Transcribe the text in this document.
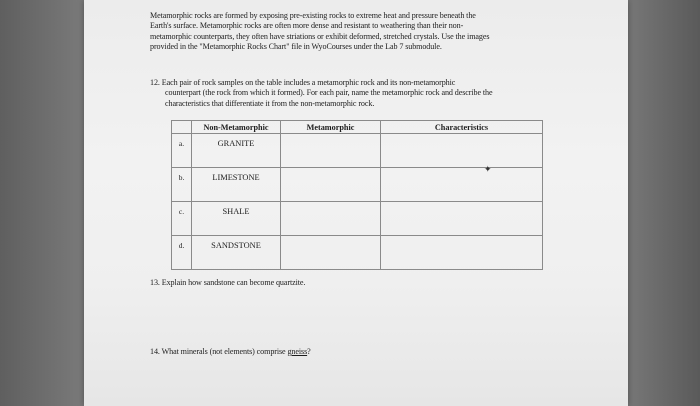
Metamorphic rocks are formed by exposing pre-existing rocks to extreme heat and pressure beneath the
Earth's surface. Metamorphic rocks are often more dense and resistant to weathering than their non-
metamorphic counterparts, they often have striations or exhibit deformed, stretched crystals. Use the images
provided in the "Metamorphic Rocks Chart" file in WyoCourses under the Lab 7 submodule.
12. Each pair of rock samples on the table includes a metamorphic rock and its non-metamorphic

counterpart (the rock from which it formed). For each pair, name the metamorphic rock and describe the
characteristics that differentiate it from the non-metamorphic rock.
	Non-Metamorphic	Metamorphic	Characteristics
a.	GRANITE		
b.	LIMESTONE		
c.	SHALE		
d.	SANDSTONE		
✦
13. Explain how sandstone can become quartzite.
14. What minerals (not elements) comprise gneiss?
